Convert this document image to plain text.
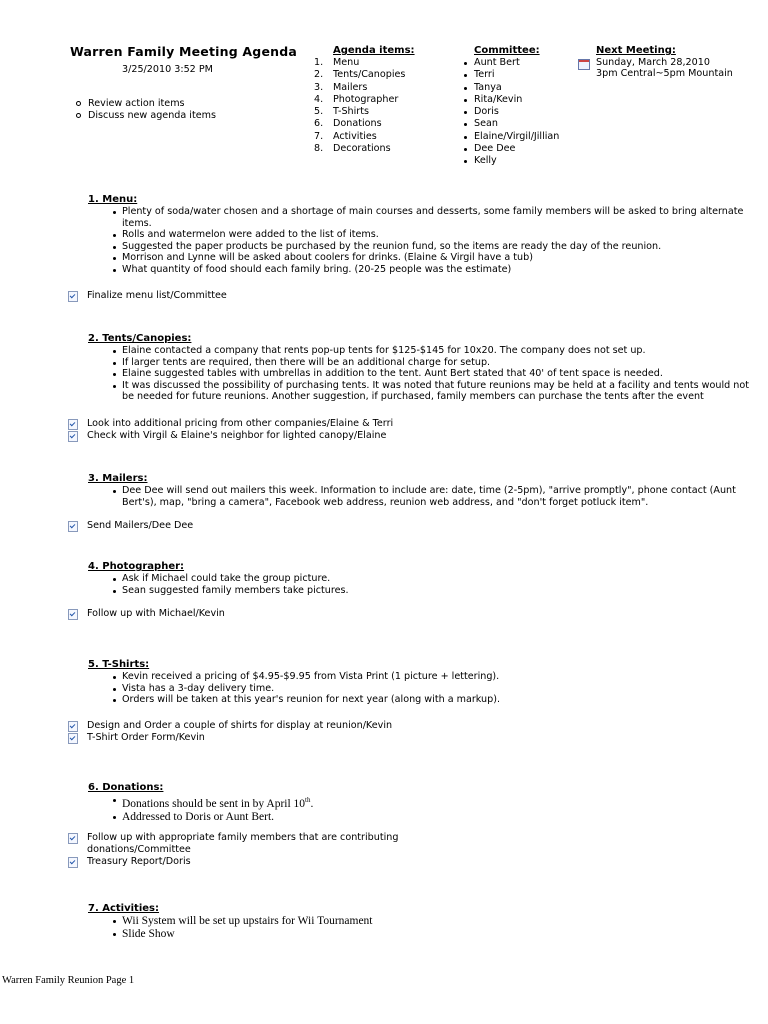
Warren Family Meeting Agenda
3/25/2010 3:52 PM
Review action items
Discuss new agenda items
Agenda items:
1. Menu
2. Tents/Canopies
3. Mailers
4. Photographer
5. T-Shirts
6. Donations
7. Activities
8. Decorations
Committee:
Aunt Bert
Terri
Tanya
Rita/Kevin
Doris
Sean
Elaine/Virgil/Jillian
Dee Dee
Kelly
Next Meeting:
Sunday, March 28,2010
3pm Central~5pm Mountain
1. Menu:
Plenty of soda/water chosen and a shortage of main courses and desserts, some family members will be asked to bring alternate items.
Rolls and watermelon were added to the list of items.
Suggested the paper products be purchased by the reunion fund, so the items are ready the day of the reunion.
Morrison and Lynne will be asked about coolers for drinks. (Elaine & Virgil have a tub)
What quantity of food should each family bring. (20-25 people was the estimate)
Finalize menu list/Committee
2. Tents/Canopies:
Elaine contacted a company that rents pop-up tents for $125-$145 for 10x20. The company does not set up.
If larger tents are required, then there will be an additional charge for setup.
Elaine suggested tables with umbrellas in addition to the tent. Aunt Bert stated that 40' of tent space is needed.
It was discussed the possibility of purchasing tents. It was noted that future reunions may be held at a facility and tents would not be needed for future reunions. Another suggestion, if purchased, family members can purchase the tents after the event
Look into additional pricing from other companies/Elaine & Terri
Check with Virgil & Elaine's neighbor for lighted canopy/Elaine
3. Mailers:
Dee Dee will send out mailers this week. Information to include are: date, time (2-5pm), "arrive promptly", phone contact (Aunt Bert's), map, "bring a camera", Facebook web address, reunion web address, and "don't forget potluck item".
Send Mailers/Dee Dee
4. Photographer:
Ask if Michael could take the group picture.
Sean suggested family members take pictures.
Follow up with Michael/Kevin
5. T-Shirts:
Kevin received a pricing of $4.95-$9.95 from Vista Print (1 picture + lettering).
Vista has a 3-day delivery time.
Orders will be taken at this year's reunion for next year (along with a markup).
Design and Order a couple of shirts for display at reunion/Kevin
T-Shirt Order Form/Kevin
6. Donations:
Donations should be sent in by April 10th.
Addressed to Doris or Aunt Bert.
Follow up with appropriate family members that are contributing
donations/Committee
Treasury Report/Doris
7. Activities:
Wii System will be set up upstairs for Wii Tournament
Slide Show
Warren Family Reunion Page 1
